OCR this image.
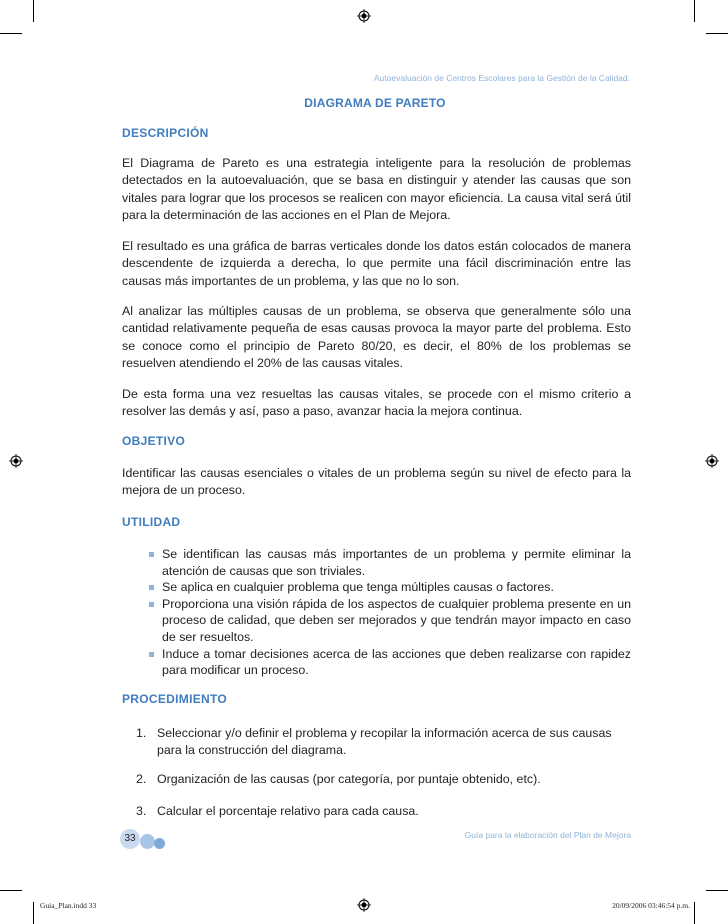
Autoevaluación de Centros Escolares para la Gestión de la Calidad.
DIAGRAMA DE PARETO
DESCRIPCIÓN

El Diagrama de Pareto es una estrategia inteligente para la resolución de problemas detectados en la autoevaluación, que se basa en distinguir y atender las causas que son vitales para lograr que los procesos se realicen con mayor eficiencia. La causa vital será útil para la determinación de las acciones en el Plan de Mejora.

El resultado es una gráfica de barras verticales donde los datos están colocados de manera descendente de izquierda a derecha, lo que permite una fácil discriminación entre las causas más importantes de un problema, y las que no lo son.

Al analizar las múltiples causas de un problema, se observa que generalmente sólo una cantidad relativamente pequeña de esas causas provoca la mayor parte del problema. Esto se conoce como el principio de Pareto 80/20, es decir, el 80% de los problemas se resuelven atendiendo el 20% de las causas vitales.

De esta forma una vez resueltas las causas vitales, se procede con el mismo criterio a resolver las demás y así, paso a paso, avanzar hacia la mejora continua.

OBJETIVO

Identificar las causas esenciales o vitales de un problema según su nivel de efecto para la mejora de un proceso.

UTILIDAD
Se identifican las causas más importantes de un problema y permite eliminar la atención de causas que son triviales.
Se aplica en cualquier problema que tenga múltiples causas o factores.
Proporciona una visión rápida de los aspectos de cualquier problema presente en un proceso de calidad, que deben ser mejorados y que tendrán mayor impacto en caso de ser resueltos.
Induce a tomar decisiones acerca de las acciones que deben realizarse con rapidez para modificar un proceso.
PROCEDIMIENTO
1. Seleccionar y/o definir el problema y recopilar la información acerca de sus causas para la construcción del diagrama.
2. Organización de las causas (por categoría, por puntaje obtenido, etc).
3. Calcular el porcentaje relativo para cada causa.
33	Guía para la elaboración del Plan de Mejora
Guia_Plan.indd 33	20/09/2006 03:46:54 p.m.
